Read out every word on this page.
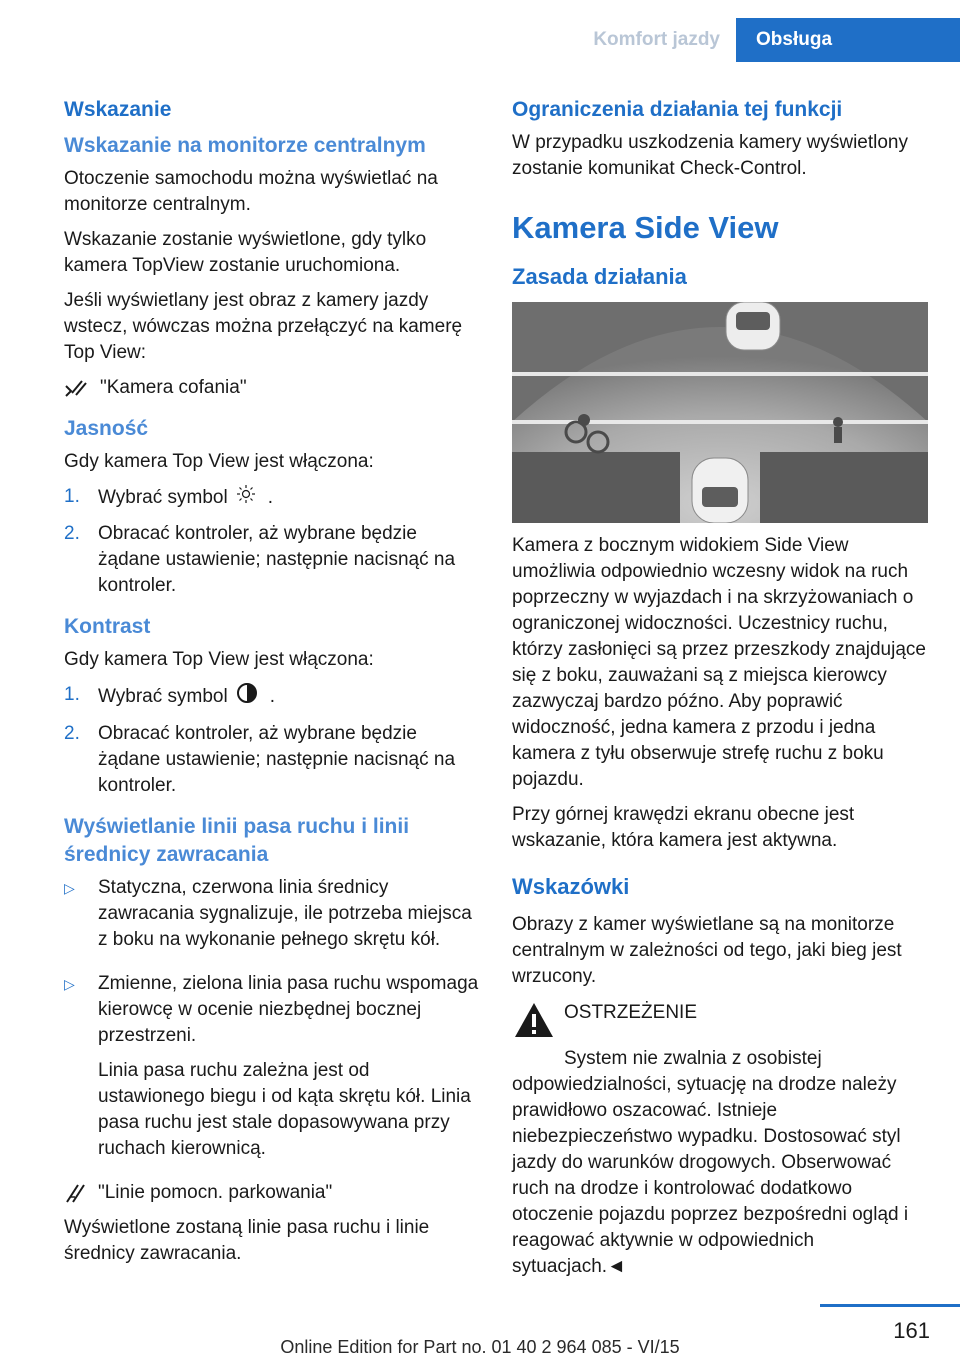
Komfort jazdy	Obsługa
Wskazanie
Wskazanie na monitorze centralnym

Otoczenie samochodu można wyświetlać na monitorze centralnym.

Wskazanie zostanie wyświetlone, gdy tylko kamera TopView zostanie uruchomiona.

Jeśli wyświetlany jest obraz z kamery jazdy wstecz, wówczas można przełączyć na kamerę Top View:

"Kamera cofania"
Jasność

Gdy kamera Top View jest włączona:

1. Wybrać symbol .
2. Obracać kontroler, aż wybrane będzie żądane ustawienie; następnie nacisnąć na kontroler.
Kontrast

Gdy kamera Top View jest włączona:

1. Wybrać symbol .
2. Obracać kontroler, aż wybrane będzie żądane ustawienie; następnie nacisnąć na kontroler.
Wyświetlanie linii pasa ruchu i linii średnicy zawracania
▷	Statyczna, czerwona linia średnicy zawracania sygnalizuje, ile potrzeba miejsca z boku na wykonanie pełnego skrętu kół.

▷	Zmienne, zielona linia pasa ruchu wspomaga kierowcę w ocenie niezbędnej bocznej przestrzeni.

Linia pasa ruchu zależna jest od ustawionego biegu i od kąta skrętu kół. Linia pasa ruchu jest stale dopasowywana przy ruchach kierownicą.

"Linie pomocn. parkowania"

Wyświetlone zostaną linie pasa ruchu i linie średnicy zawracania.

Ograniczenia działania tej funkcji

W przypadku uszkodzenia kamery wyświetlony zostanie komunikat Check-Control.

Kamera Side View
Zasada działania

Kamera z bocznym widokiem Side View umożliwia odpowiednio wczesny widok na ruch poprzeczny w wyjazdach i na skrzyżowaniach o ograniczonej widoczności. Uczestnicy ruchu, którzy zasłonięci są przez przeszkody znajdujące się z boku, zauważani są z miejsca kierowcy zazwyczaj bardzo późno. Aby poprawić widoczność, jedna kamera z przodu i jedna kamera z tyłu obserwuje strefę ruchu z boku pojazdu.

Przy górnej krawędzi ekranu obecne jest wskazanie, która kamera jest aktywna.

Wskazówki

Obrazy z kamer wyświetlane są na monitorze centralnym w zależności od tego, jaki bieg jest wrzucony.

OSTRZEŻENIE

System nie zwalnia z osobistej odpowiedzialności, sytuację na drodze należy prawidłowo oszacować. Istnieje niebezpieczeństwo wypadku. Dostosować styl jazdy do warunków drogowych. Obserwować ruch na drodze i kontrolować dodatkowo otoczenie pojazdu poprzez bezpośredni ogląd i reagować aktywnie w odpowiednich sytuacjach.◄

161
Online Edition for Part no. 01 40 2 964 085 - VI/15
